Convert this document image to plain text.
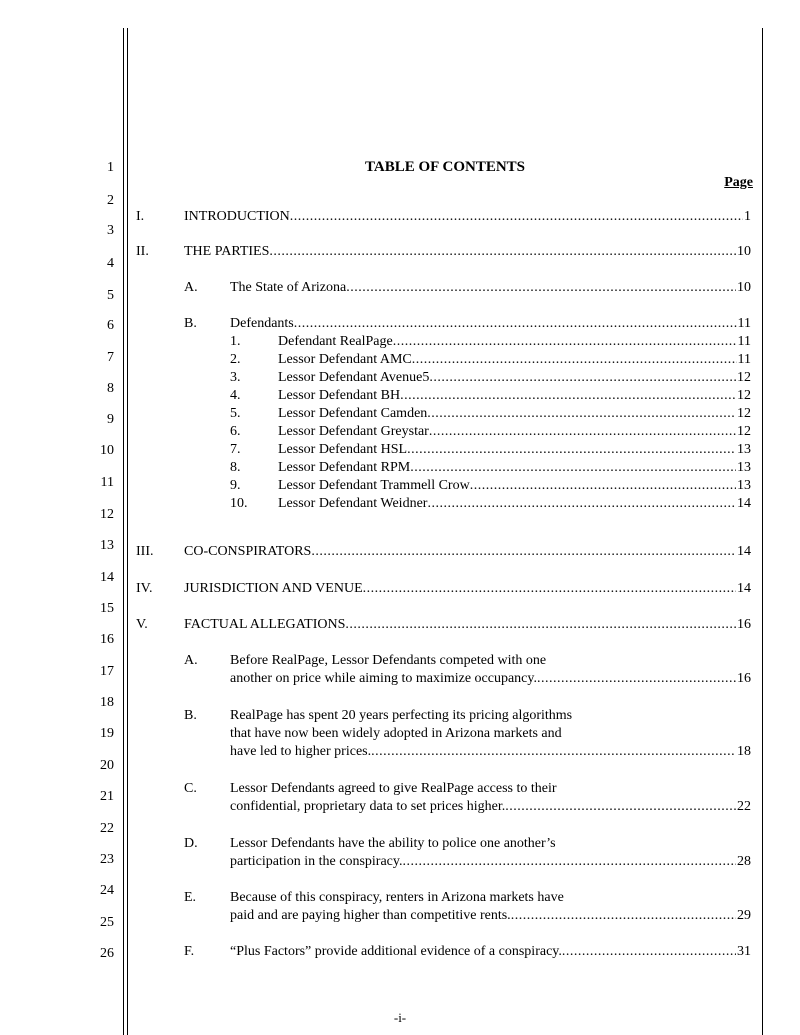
1
2
3
4
5
6
7
8
9
10
11
12
13
14
15
16
17
18
19
20
21
22
23
24
25
26
TABLE OF CONTENTS
Page
I.	INTRODUCTION .....	1
II.	THE PARTIES .....	10
A. The State of Arizona .....	10
B. Defendants .....	11
1.	Defendant RealPage .....	11
2.	Lessor Defendant AMC .....	11
3.	Lessor Defendant Avenue5 .....	12
4.	Lessor Defendant BH .....	12
5.	Lessor Defendant Camden .....	12
6.	Lessor Defendant Greystar .....	12
7.	Lessor Defendant HSL .....	13
8.	Lessor Defendant RPM .....	13
9.	Lessor Defendant Trammell Crow .....	13
10. Lessor Defendant Weidner .....	14
III. CO-CONSPIRATORS .....	14
IV. JURISDICTION AND VENUE .....	14
V.	FACTUAL ALLEGATIONS .....	16
A. Before RealPage, Lessor Defendants competed with one
another on price while aiming to maximize occupancy. .....	16
B. RealPage has spent 20 years perfecting its pricing algorithms
that have now been widely adopted in Arizona markets and
have led to higher prices. .....	18
C. Lessor Defendants agreed to give RealPage access to their
confidential, proprietary data to set prices higher. .....	22
D. Lessor Defendants have the ability to police one another’s
participation in the conspiracy. .....	28
E. Because of this conspiracy, renters in Arizona markets have
paid and are paying higher than competitive rents. .....	29
F.	“Plus Factors” provide additional evidence of a conspiracy. .....	31
-i-
